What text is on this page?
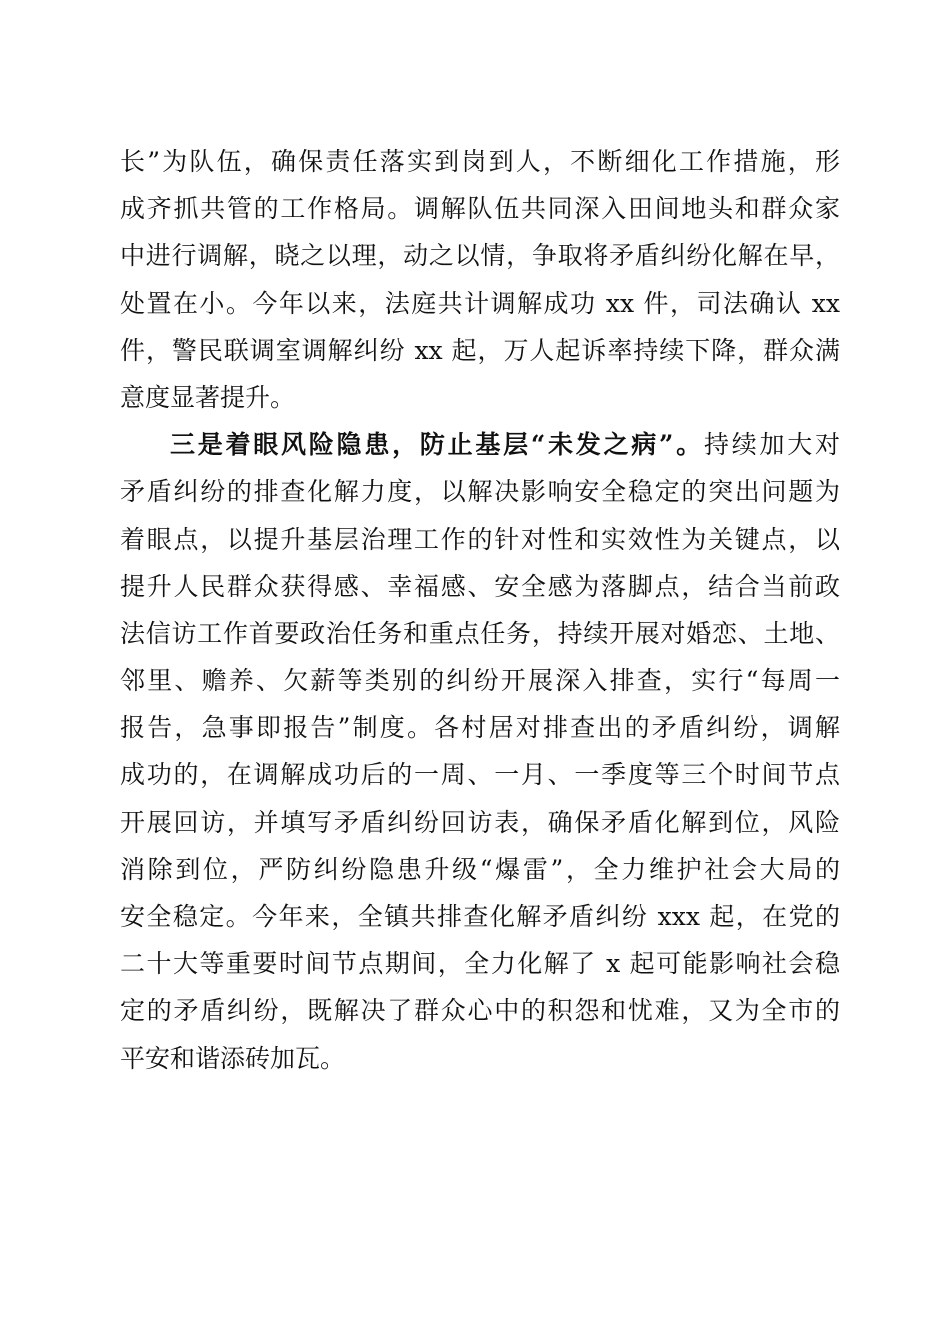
长”为队伍，确保责任落实到岗到人，不断细化工作措施，形
成齐抓共管的工作格局。调解队伍共同深入田间地头和群众家
中进行调解，晓之以理，动之以情，争取将矛盾纠纷化解在早，
处置在小。今年以来，法庭共计调解成功 xx 件，司法确认 xx
件，警民联调室调解纠纷 xx 起，万人起诉率持续下降，群众满
意度显著提升。
三是着眼风险隐患，防止基层“未发之病”。持续加大对
矛盾纠纷的排查化解力度，以解决影响安全稳定的突出问题为
着眼点，以提升基层治理工作的针对性和实效性为关键点，以
提升人民群众获得感、幸福感、安全感为落脚点，结合当前政
法信访工作首要政治任务和重点任务，持续开展对婚恋、土地、
邻里、赡养、欠薪等类别的纠纷开展深入排查，实行“每周一
报告，急事即报告”制度。各村居对排查出的矛盾纠纷，调解
成功的，在调解成功后的一周、一月、一季度等三个时间节点
开展回访，并填写矛盾纠纷回访表，确保矛盾化解到位，风险
消除到位，严防纠纷隐患升级“爆雷”，全力维护社会大局的
安全稳定。今年来，全镇共排查化解矛盾纠纷 xxx 起，在党的
二十大等重要时间节点期间，全力化解了 x 起可能影响社会稳
定的矛盾纠纷，既解决了群众心中的积怨和忧难，又为全市的
平安和谐添砖加瓦。
